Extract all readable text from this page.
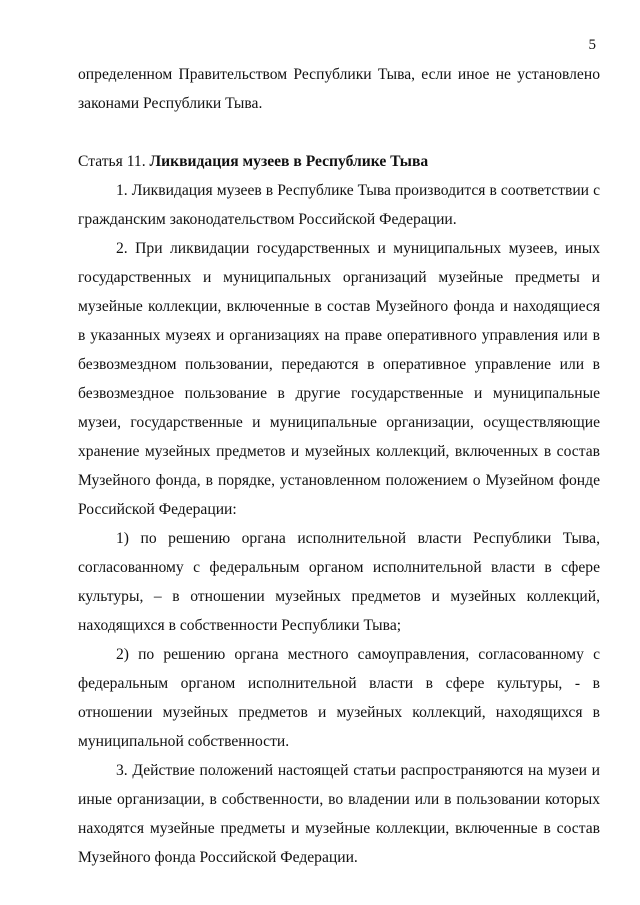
5

определенном Правительством Республики Тыва, если иное не установлено законами Республики Тыва.

Статья 11. Ликвидация музеев в Республике Тыва

1. Ликвидация музеев в Республике Тыва производится в соответствии с гражданским законодательством Российской Федерации.

2. При ликвидации государственных и муниципальных музеев, иных государственных и муниципальных организаций музейные предметы и музейные коллекции, включенные в состав Музейного фонда и находящиеся в указанных музеях и организациях на праве оперативного управления или в безвозмездном пользовании, передаются в оперативное управление или в безвозмездное пользование в другие государственные и муниципальные музеи, государственные и муниципальные организации, осуществляющие хранение музейных предметов и музейных коллекций, включенных в состав Музейного фонда, в порядке, установленном положением о Музейном фонде Российской Федерации:

1) по решению органа исполнительной власти Республики Тыва, согласованному с федеральным органом исполнительной власти в сфере культуры, – в отношении музейных предметов и музейных коллекций, находящихся в собственности Республики Тыва;

2) по решению органа местного самоуправления, согласованному с федеральным органом исполнительной власти в сфере культуры, - в отношении музейных предметов и музейных коллекций, находящихся в муниципальной собственности.

3. Действие положений настоящей статьи распространяются на музеи и иные организации, в собственности, во владении или в пользовании которых находятся музейные предметы и музейные коллекции, включенные в состав Музейного фонда Российской Федерации.
